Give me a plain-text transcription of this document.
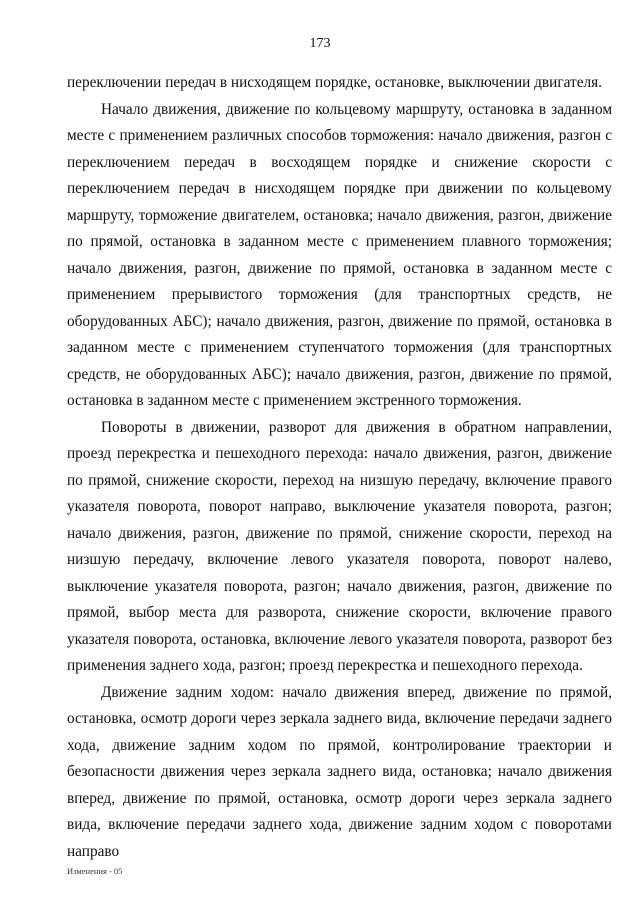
173

переключении передач в нисходящем порядке, остановке, выключении двигателя.

Начало движения, движение по кольцевому маршруту, остановка в заданном месте с применением различных способов торможения: начало движения, разгон с переключением передач в восходящем порядке и снижение скорости с переключением передач в нисходящем порядке при движении по кольцевому маршруту, торможение двигателем, остановка; начало движения, разгон, движение по прямой, остановка в заданном месте с применением плавного торможения; начало движения, разгон, движение по прямой, остановка в заданном месте с применением прерывистого торможения (для транспортных средств, не оборудованных АБС); начало движения, разгон, движение по прямой, остановка в заданном месте с применением ступенчатого торможения (для транспортных средств, не оборудованных АБС); начало движения, разгон, движение по прямой, остановка в заданном месте с применением экстренного торможения.

Повороты в движении, разворот для движения в обратном направлении, проезд перекрестка и пешеходного перехода: начало движения, разгон, движение по прямой, снижение скорости, переход на низшую передачу, включение правого указателя поворота, поворот направо, выключение указателя поворота, разгон; начало движения, разгон, движение по прямой, снижение скорости, переход на низшую передачу, включение левого указателя поворота, поворот налево, выключение указателя поворота, разгон; начало движения, разгон, движение по прямой, выбор места для разворота, снижение скорости, включение правого указателя поворота, остановка, включение левого указателя поворота, разворот без применения заднего хода, разгон; проезд перекрестка и пешеходного перехода.

Движение задним ходом: начало движения вперед, движение по прямой, остановка, осмотр дороги через зеркала заднего вида, включение передачи заднего хода, движение задним ходом по прямой, контролирование траектории и безопасности движения через зеркала заднего вида, остановка; начало движения вперед, движение по прямой, остановка, осмотр дороги через зеркала заднего вида, включение передачи заднего хода, движение задним ходом с поворотами направо

Изменения - 05
